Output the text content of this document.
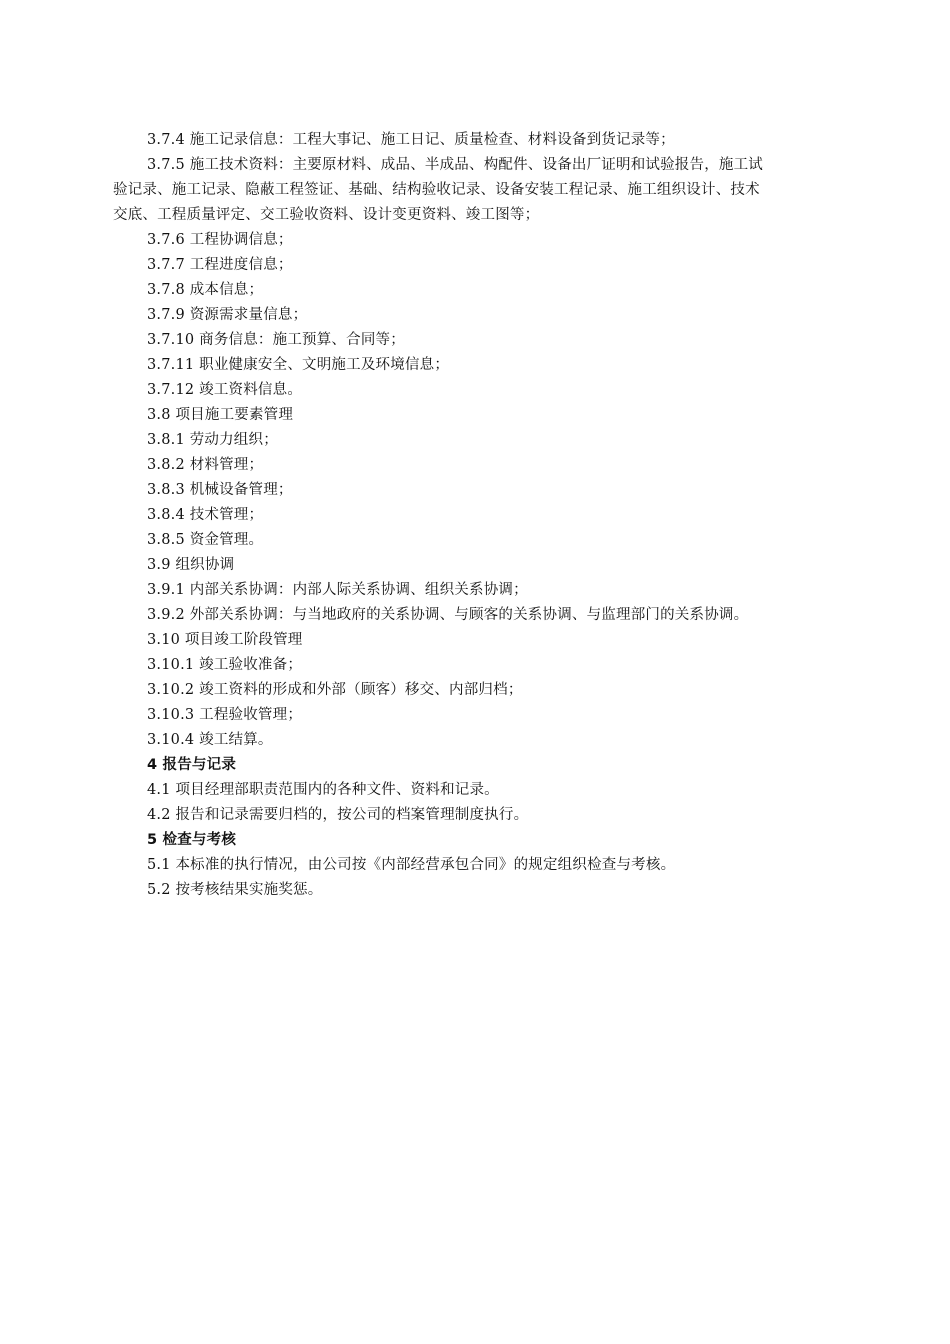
3.7.4 施工记录信息：工程大事记、施工日记、质量检查、材料设备到货记录等；
3.7.5 施工技术资料：主要原材料、成品、半成品、构配件、设备出厂证明和试验报告，施工试
验记录、施工记录、隐蔽工程签证、基础、结构验收记录、设备安装工程记录、施工组织设计、技术
交底、工程质量评定、交工验收资料、设计变更资料、竣工图等；
3.7.6 工程协调信息；
3.7.7 工程进度信息；
3.7.8 成本信息；
3.7.9 资源需求量信息；
3.7.10 商务信息：施工预算、合同等；
3.7.11 职业健康安全、文明施工及环境信息；
3.7.12 竣工资料信息。
3.8 项目施工要素管理
3.8.1 劳动力组织；
3.8.2 材料管理；
3.8.3 机械设备管理；
3.8.4 技术管理；
3.8.5 资金管理。
3.9 组织协调
3.9.1 内部关系协调：内部人际关系协调、组织关系协调；
3.9.2 外部关系协调：与当地政府的关系协调、与顾客的关系协调、与监理部门的关系协调。
3.10 项目竣工阶段管理
3.10.1 竣工验收准备；
3.10.2 竣工资料的形成和外部（顾客）移交、内部归档；
3.10.3 工程验收管理；
3.10.4 竣工结算。
4 报告与记录
4.1 项目经理部职责范围内的各种文件、资料和记录。
4.2 报告和记录需要归档的，按公司的档案管理制度执行。
5 检查与考核
5.1 本标准的执行情况，由公司按《内部经营承包合同》的规定组织检查与考核。
5.2 按考核结果实施奖惩。
